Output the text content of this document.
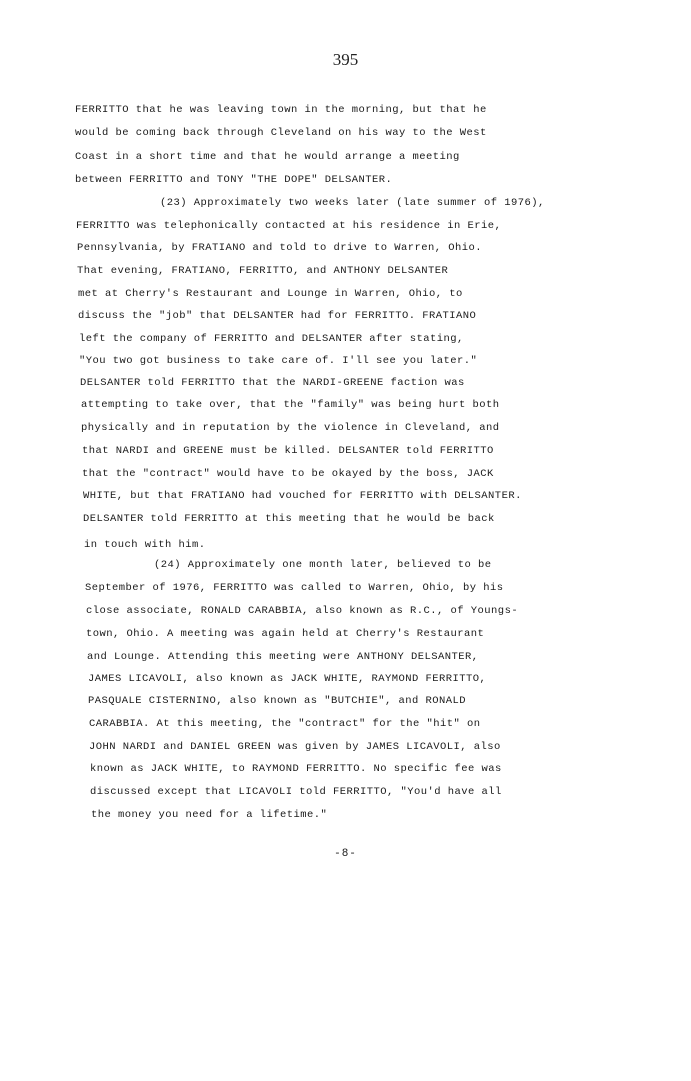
395
FERRITTO that he was leaving town in the morning, but that he
would be coming back through Cleveland on his way to the West
Coast in a short time and that he would arrange a meeting
between FERRITTO and TONY "THE DOPE" DELSANTER.
(23) Approximately two weeks later (late summer of 1976),
FERRITTO was telephonically contacted at his residence in Erie,
Pennsylvania, by FRATIANO and told to drive to Warren, Ohio.
That evening, FRATIANO, FERRITTO, and ANTHONY DELSANTER
met at Cherry's Restaurant and Lounge in Warren, Ohio, to
discuss the "job" that DELSANTER had for FERRITTO. FRATIANO
left the company of FERRITTO and DELSANTER after stating,
"You two got business to take care of. I'll see you later."
DELSANTER told FERRITTO that the NARDI-GREENE faction was
attempting to take over, that the "family" was being hurt both
physically and in reputation by the violence in Cleveland, and
that NARDI and GREENE must be killed. DELSANTER told FERRITTO
that the "contract" would have to be okayed by the boss, JACK
WHITE, but that FRATIANO had vouched for FERRITTO with DELSANTER.
DELSANTER told FERRITTO at this meeting that he would be back
in touch with him.
(24) Approximately one month later, believed to be
September of 1976, FERRITTO was called to Warren, Ohio, by his
close associate, RONALD CARABBIA, also known as R.C., of Youngs-
town, Ohio. A meeting was again held at Cherry's Restaurant
and Lounge. Attending this meeting were ANTHONY DELSANTER,
JAMES LICAVOLI, also known as JACK WHITE, RAYMOND FERRITTO,
PASQUALE CISTERNINO, also known as "BUTCHIE", and RONALD
CARABBIA. At this meeting, the "contract" for the "hit" on
JOHN NARDI and DANIEL GREEN was given by JAMES LICAVOLI, also
known as JACK WHITE, to RAYMOND FERRITTO. No specific fee was
discussed except that LICAVOLI told FERRITTO, "You'd have all
the money you need for a lifetime."
-8-
